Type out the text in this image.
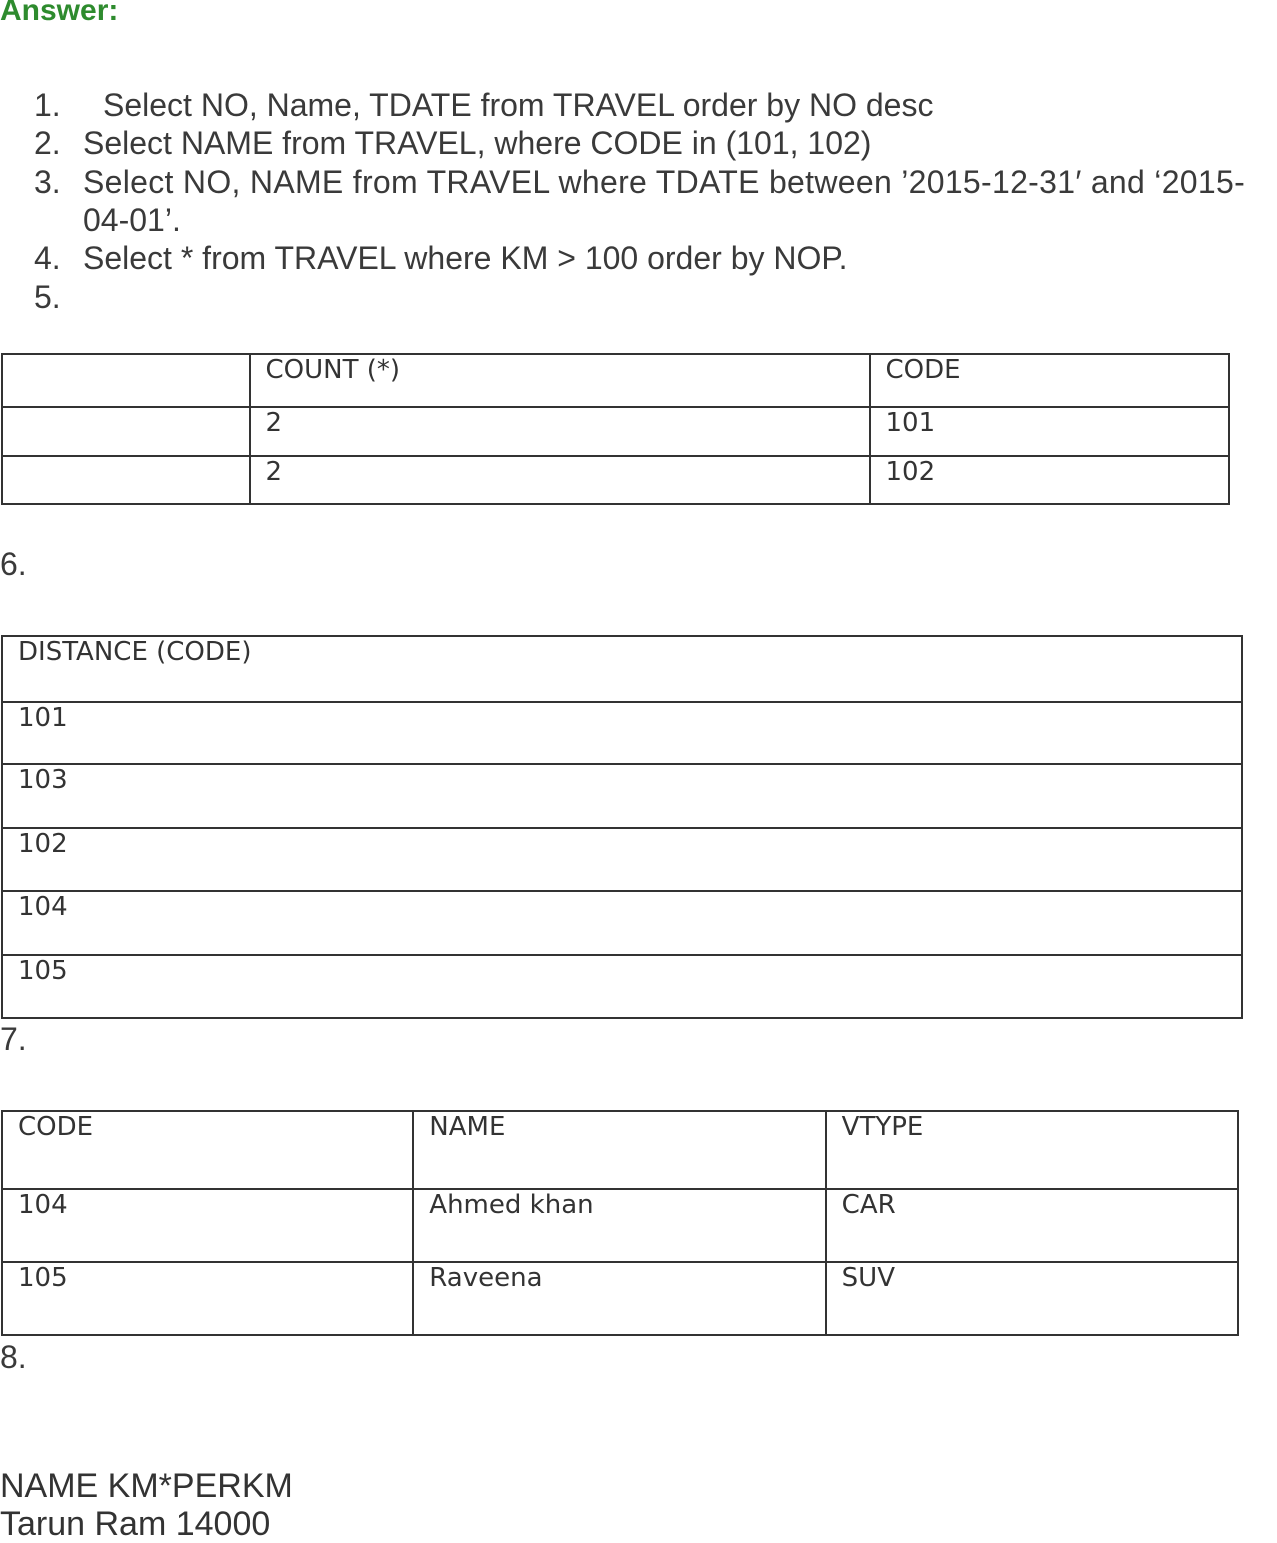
Answer:
1. Select NO, Name, TDATE from TRAVEL order by NO desc
2. Select NAME from TRAVEL, where CODE in (101, 102)
3. Select NO, NAME from TRAVEL where TDATE between ’2015-12-31′ and ‘2015-
04-01’.
4. Select * from TRAVEL where KM > 100 order by NOP.
5.
	COUNT (*)	CODE
	2	101
	2	102
6.
DISTANCE (CODE)
101
103
102
104
105
7.
CODE	NAME	VTYPE
104	Ahmed khan	CAR
105	Raveena	SUV
8.
NAME KM*PERKM
Tarun Ram 14000
